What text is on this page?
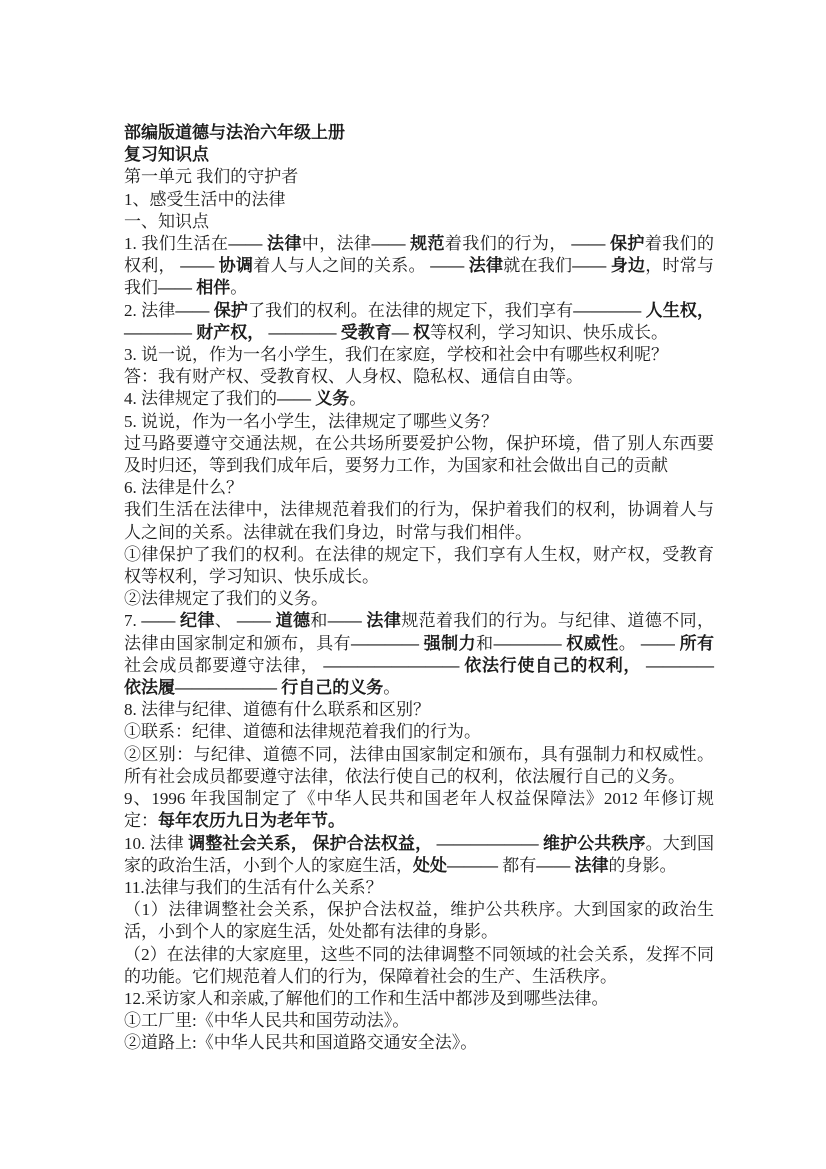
部编版道德与法治六年级上册

复习知识点

第一单元 我们的守护者

1、感受生活中的法律

一、知识点

1. 我们生活在—— 法律中，法律—— 规范着我们的行为， —— 保护着我们的权利， —— 协调着人与人之间的关系。 —— 法律就在我们—— 身边，时常与我们—— 相伴。

2. 法律—— 保护了我们的权利。在法律的规定下，我们享有———— 人生权，———— 财产权， ———— 受教育— 权等权利，学习知识、快乐成长。

3. 说一说，作为一名小学生，我们在家庭，学校和社会中有哪些权利呢？

答：我有财产权、受教育权、人身权、隐私权、通信自由等。

4. 法律规定了我们的—— 义务。

5. 说说，作为一名小学生，法律规定了哪些义务？

过马路要遵守交通法规，在公共场所要爱护公物，保护环境，借了别人东西要及时归还，等到我们成年后，要努力工作，为国家和社会做出自己的贡献

6. 法律是什么？

我们生活在法律中，法律规范着我们的行为，保护着我们的权利，协调着人与人之间的关系。法律就在我们身边，时常与我们相伴。

①律保护了我们的权利。在法律的规定下，我们享有人生权，财产权，受教育权等权利，学习知识、快乐成长。

②法律规定了我们的义务。

7. —— 纪律、 —— 道德和—— 法律规范着我们的行为。与纪律、道德不同，法律由国家制定和颁布，具有———— 强制力和———— 权威性。 —— 所有社会成员都要遵守法律， ———————— 依法行使自己的权利， ———— 依法履—————— 行自己的义务。

8. 法律与纪律、道德有什么联系和区别？

①联系：纪律、道德和法律规范着我们的行为。

②区别：与纪律、道德不同，法律由国家制定和颁布，具有强制力和权威性。所有社会成员都要遵守法律，依法行使自己的权利，依法履行自己的义务。

9、1996 年我国制定了《中华人民共和国老年人权益保障法》2012 年修订规定：每年农历九日为老年节。

10. 法律 调整社会关系， 保护合法权益， —————— 维护公共秩序。大到国家的政治生活，小到个人的家庭生活，处处——— 都有—— 法律的身影。

11.法律与我们的生活有什么关系？

（1）法律调整社会关系，保护合法权益，维护公共秩序。大到国家的政治生活，小到个人的家庭生活，处处都有法律的身影。

（2）在法律的大家庭里，这些不同的法律调整不同领域的社会关系，发挥不同的功能。它们规范着人们的行为，保障着社会的生产、生活秩序。

12.采访家人和亲戚,了解他们的工作和生活中都涉及到哪些法律。

①工厂里:《中华人民共和国劳动法》。

②道路上:《中华人民共和国道路交通安全法》。
